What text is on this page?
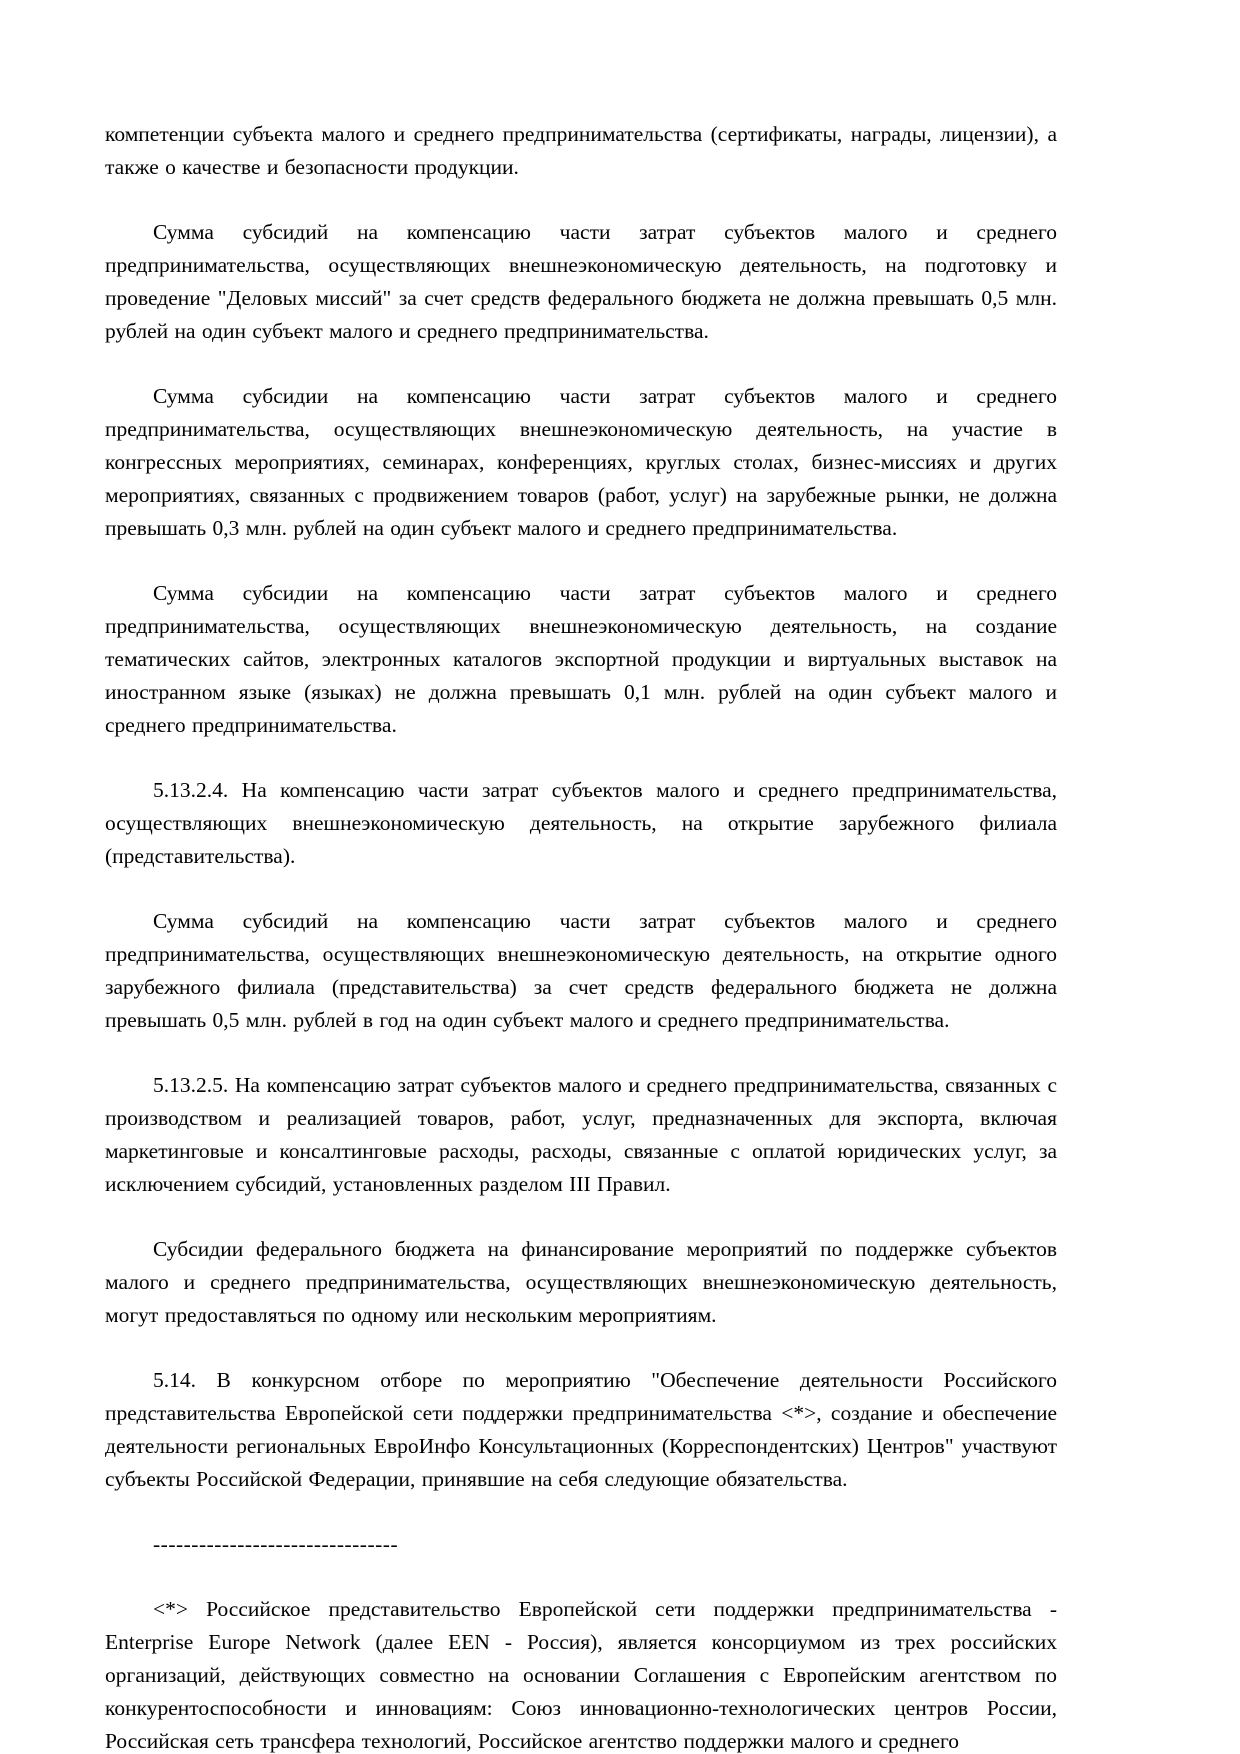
компетенции субъекта малого и среднего предпринимательства (сертификаты, награды, лицензии), а также о качестве и безопасности продукции.

Сумма субсидий на компенсацию части затрат субъектов малого и среднего предпринимательства, осуществляющих внешнеэкономическую деятельность, на подготовку и проведение "Деловых миссий" за счет средств федерального бюджета не должна превышать 0,5 млн. рублей на один субъект малого и среднего предпринимательства.

Сумма субсидии на компенсацию части затрат субъектов малого и среднего предпринимательства, осуществляющих внешнеэкономическую деятельность, на участие в конгрессных мероприятиях, семинарах, конференциях, круглых столах, бизнес-миссиях и других мероприятиях, связанных с продвижением товаров (работ, услуг) на зарубежные рынки, не должна превышать 0,3 млн. рублей на один субъект малого и среднего предпринимательства.

Сумма субсидии на компенсацию части затрат субъектов малого и среднего предпринимательства, осуществляющих внешнеэкономическую деятельность, на создание тематических сайтов, электронных каталогов экспортной продукции и виртуальных выставок на иностранном языке (языках) не должна превышать 0,1 млн. рублей на один субъект малого и среднего предпринимательства.

5.13.2.4. На компенсацию части затрат субъектов малого и среднего предпринимательства, осуществляющих внешнеэкономическую деятельность, на открытие зарубежного филиала (представительства).

Сумма субсидий на компенсацию части затрат субъектов малого и среднего предпринимательства, осуществляющих внешнеэкономическую деятельность, на открытие одного зарубежного филиала (представительства) за счет средств федерального бюджета не должна превышать 0,5 млн. рублей в год на один субъект малого и среднего предпринимательства.

5.13.2.5. На компенсацию затрат субъектов малого и среднего предпринимательства, связанных с производством и реализацией товаров, работ, услуг, предназначенных для экспорта, включая маркетинговые и консалтинговые расходы, расходы, связанные с оплатой юридических услуг, за исключением субсидий, установленных разделом III Правил.

Субсидии федерального бюджета на финансирование мероприятий по поддержке субъектов малого и среднего предпринимательства, осуществляющих внешнеэкономическую деятельность, могут предоставляться по одному или нескольким мероприятиям.

5.14. В конкурсном отборе по мероприятию "Обеспечение деятельности Российского представительства Европейской сети поддержки предпринимательства <*>, создание и обеспечение деятельности региональных ЕвроИнфо Консультационных (Корреспондентских) Центров" участвуют субъекты Российской Федерации, принявшие на себя следующие обязательства.

--------------------------------

<*> Российское представительство Европейской сети поддержки предпринимательства - Enterprise Europe Network (далее EEN - Россия), является консорциумом из трех российских организаций, действующих совместно на основании Соглашения с Европейским агентством по конкурентоспособности и инновациям: Союз инновационно-технологических центров России, Российская сеть трансфера технологий, Российское агентство поддержки малого и среднего
